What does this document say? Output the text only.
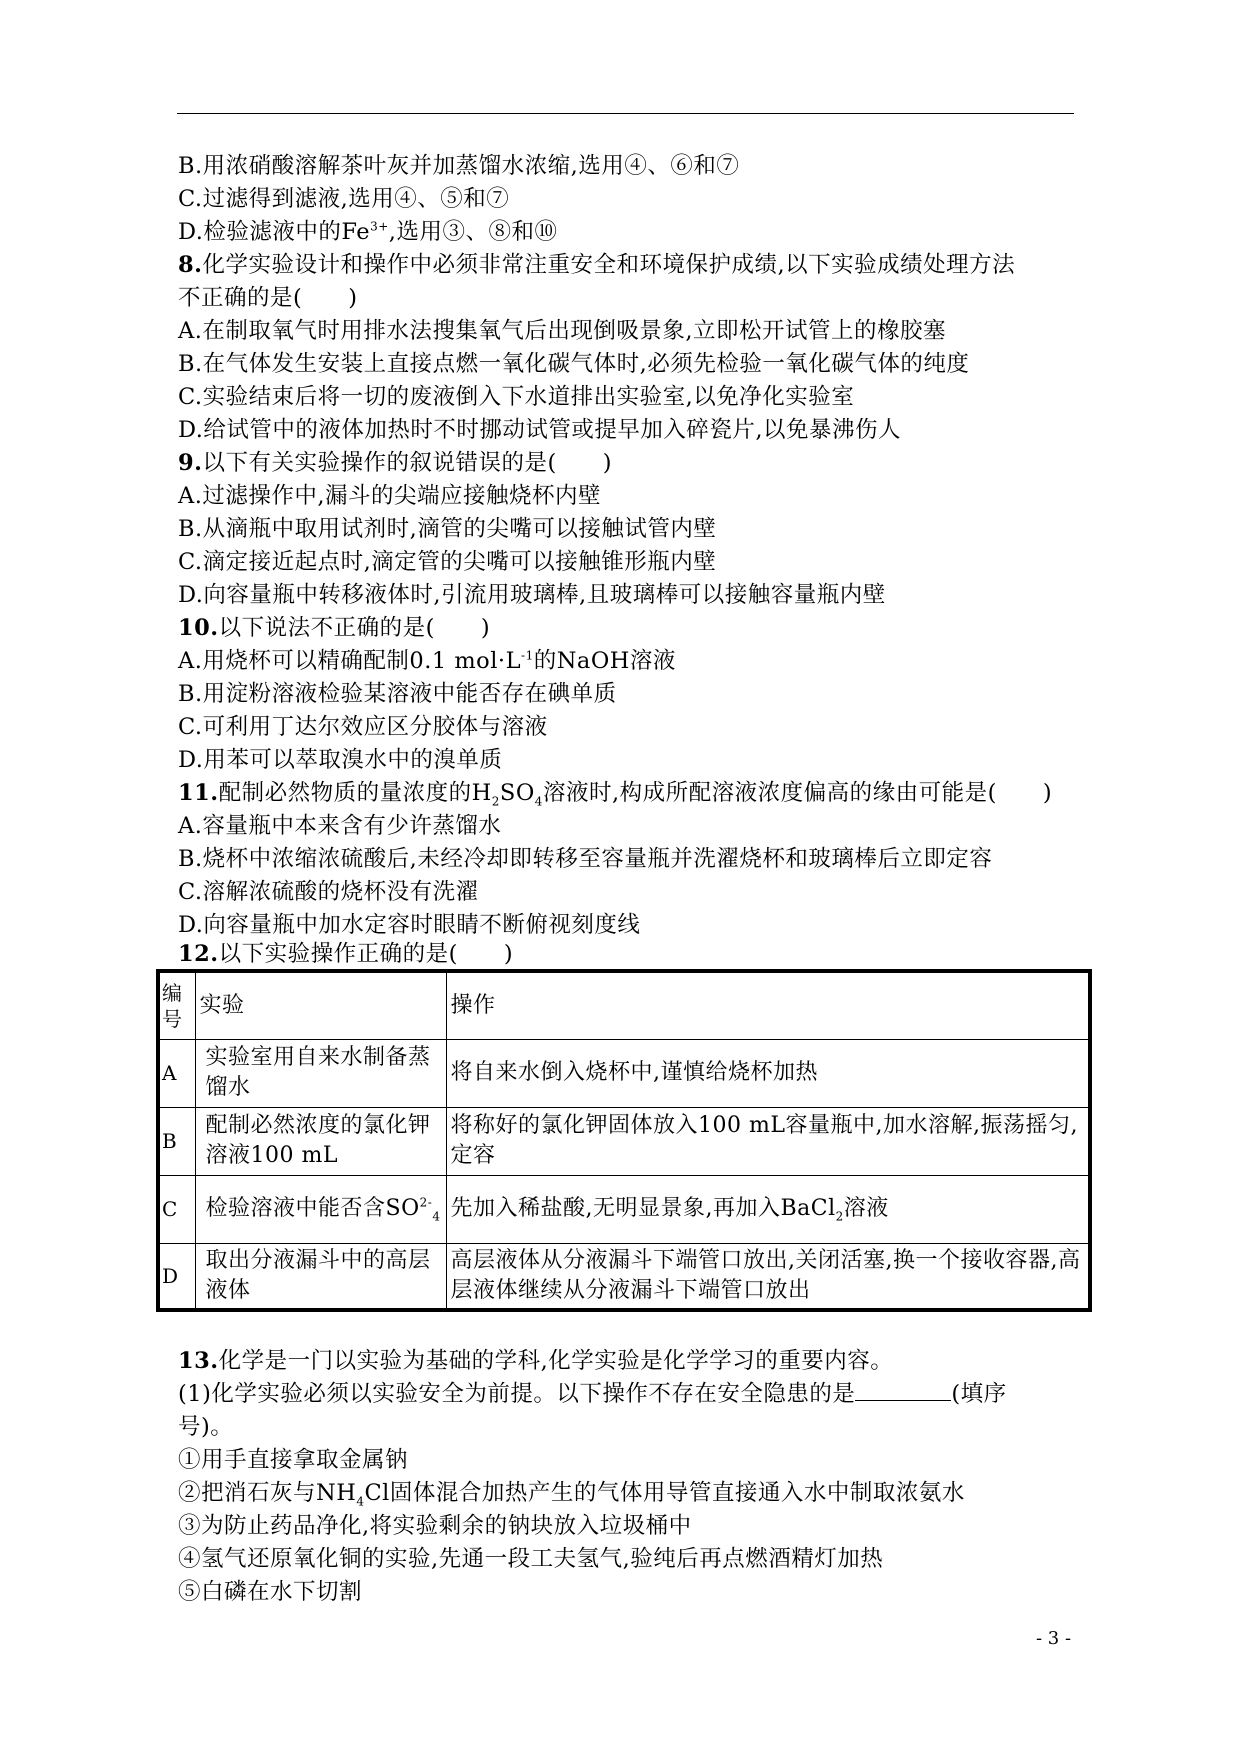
B.用浓硝酸溶解茶叶灰并加蒸馏水浓缩,选用④、⑥和⑦
C.过滤得到滤液,选用④、⑤和⑦
D.检验滤液中的$Fe^{3+}$,选用③、⑧和⑩
8.化学实验设计和操作中必须非常注重安全和环境保护成绩,以下实验成绩处理方法
不正确的是(　　)
A.在制取氧气时用排水法搜集氧气后出现倒吸景象,立即松开试管上的橡胶塞
B.在气体发生安装上直接点燃一氧化碳气体时,必须先检验一氧化碳气体的纯度
C.实验结束后将一切的废液倒入下水道排出实验室,以免净化实验室
D.给试管中的液体加热时不时挪动试管或提早加入碎瓷片,以免暴沸伤人
9.以下有关实验操作的叙说错误的是(　　)
A.过滤操作中,漏斗的尖端应接触烧杯内壁
B.从滴瓶中取用试剂时,滴管的尖嘴可以接触试管内壁
C.滴定接近起点时,滴定管的尖嘴可以接触锥形瓶内壁
D.向容量瓶中转移液体时,引流用玻璃棒,且玻璃棒可以接触容量瓶内壁
10.以下说法不正确的是(　　)
A.用烧杯可以精确配制0.1 $mol\cdot L^{-1}$的NaOH溶液
B.用淀粉溶液检验某溶液中能否存在碘单质
C.可利用丁达尔效应区分胶体与溶液
D.用苯可以萃取溴水中的溴单质
11.配制必然物质的量浓度的$H_2SO_4$溶液时,构成所配溶液浓度偏高的缘由可能是(　　)
A.容量瓶中本来含有少许蒸馏水
B.烧杯中浓缩浓硫酸后,未经冷却即转移至容量瓶并洗濯烧杯和玻璃棒后立即定容
C.溶解浓硫酸的烧杯没有洗濯
D.向容量瓶中加水定容时眼睛不断俯视刻度线
12.以下实验操作正确的是(　　)
编号	实验	操作
A	实验室用自来水制备蒸馏水	将自来水倒入烧杯中,谨慎给烧杯加热
B	配制必然浓度的氯化钾溶液100 mL	将称好的氯化钾固体放入100 mL容量瓶中,加水溶解,振荡摇匀,定容
C	检验溶液中能否含$SO^{2-}_4$	先加入稀盐酸,无明显景象,再加入BaCl$_2$溶液
D	取出分液漏斗中的高层液体	高层液体从分液漏斗下端管口放出,关闭活塞,换一个接收容器,高层液体继续从分液漏斗下端管口放出
13.化学是一门以实验为基础的学科,化学实验是化学学习的重要内容。
(1)化学实验必须以实验安全为前提。以下操作不存在安全隐患的是	(填序
号)。
①用手直接拿取金属钠
②把消石灰与$NH_4Cl$固体混合加热产生的气体用导管直接通入水中制取浓氨水
③为防止药品净化,将实验剩余的钠块放入垃圾桶中
④氢气还原氧化铜的实验,先通一段工夫氢气,验纯后再点燃酒精灯加热
⑤白磷在水下切割
- 3 -
